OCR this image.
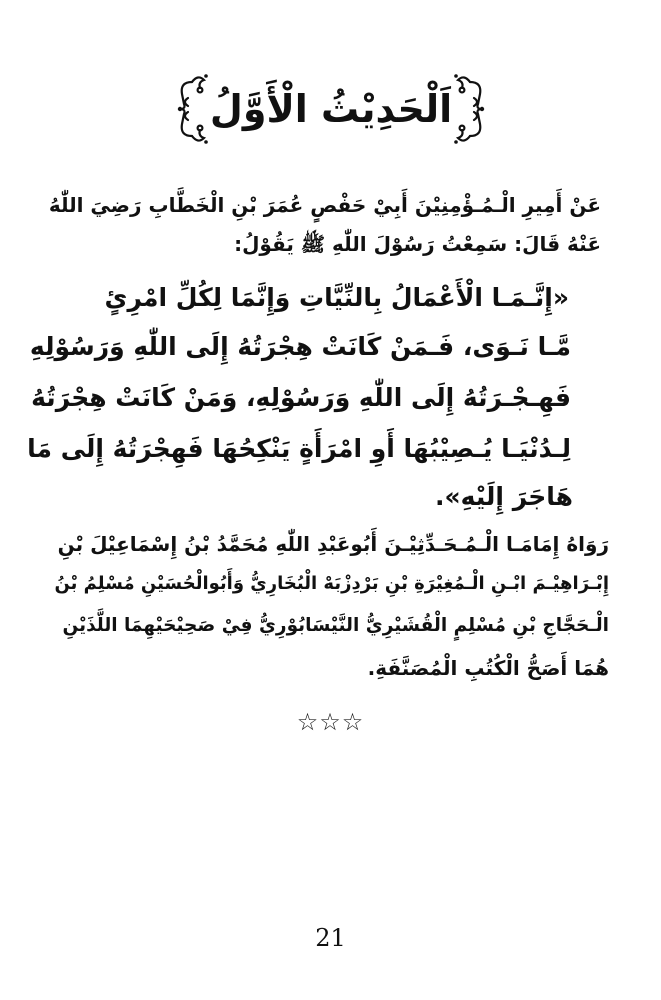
اَلْحَدِيْثُ الْأَوَّلُ
عَنْ أَمِيرِ الْـمُـؤْمِنِيْنَ أَبِيْ حَفْصٍ عُمَرَ بْنِ الْخَطَّابِ رَضِيَ اللّٰهُ
عَنْهُ قَالَ: سَمِعْتُ رَسُوْلَ اللّٰهِ ﷺ يَقُوْلُ:
«إِنَّـمَـا الْأَعْمَالُ بِالنِّيَّاتِ وَإِنَّمَا لِكُلِّ امْرِئٍ
مَّـا نَـوَى، فَـمَنْ كَانَتْ هِجْرَتُهُ إِلَى اللّٰهِ وَرَسُوْلِهِ
فَهِـجْـرَتُهُ إِلَى اللّٰهِ وَرَسُوْلِهِ، وَمَنْ كَانَتْ هِجْرَتُهُ
لِـدُنْيَـا يُـصِيْبُهَا أَوِ امْرَأَةٍ يَنْكِحُهَا فَهِجْرَتُهُ إِلَى مَا
هَاجَرَ إِلَيْهِ».
رَوَاهُ إِمَامَـا الْـمُـحَـدِّثِيْـنَ أَبُوعَبْدِ اللّٰهِ مُحَمَّدُ بْنُ إِسْمَاعِيْلَ بْنِ
إِبْـرَاهِيْـمَ ابْـنِ الْـمُغِيْرَةِ بْنِ بَرْدِزْبَهْ الْبُخَارِيُّ وَأَبُوالْحُسَيْنِ مُسْلِمُ بْنُ
الْـحَجَّاجِ بْنِ مُسْلِمٍ الْقُشَيْرِيُّ النَّيْسَابُوْرِيُّ فِيْ صَحِيْحَيْهِمَا اللَّذَيْنِ
هُمَا أَصَحُّ الْكُتُبِ الْمُصَنَّفَةِ.
☆☆☆
21
